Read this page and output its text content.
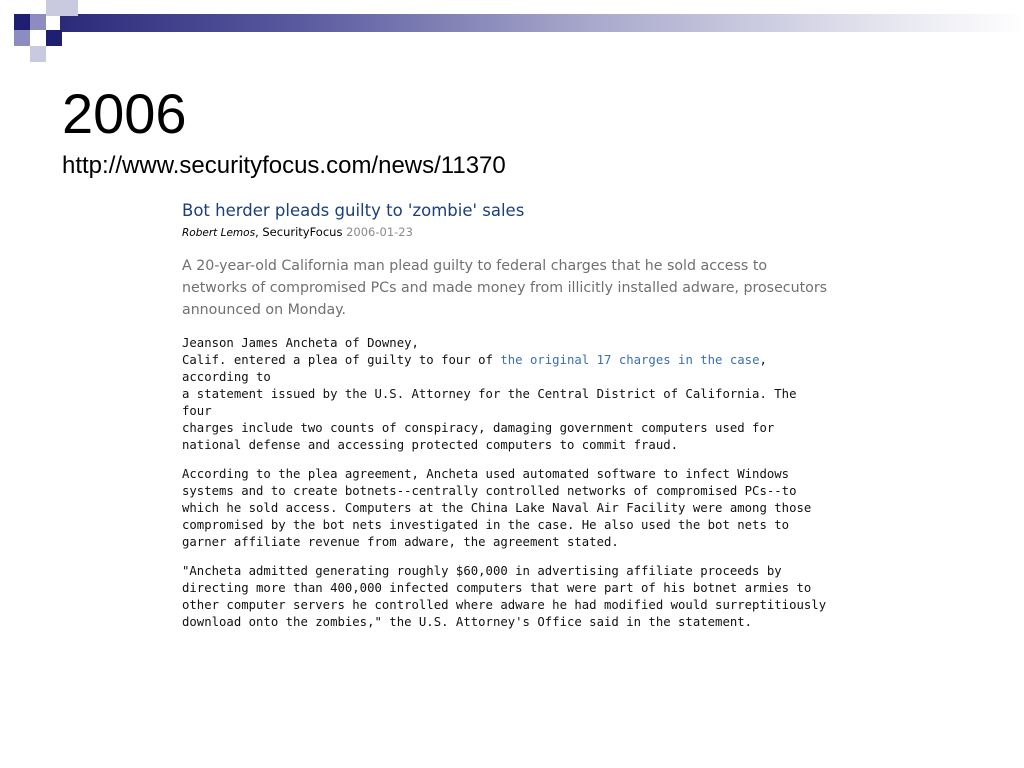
2006
http://www.securityfocus.com/news/11370
Bot herder pleads guilty to 'zombie' sales
Robert Lemos, SecurityFocus 2006-01-23

A 20-year-old California man plead guilty to federal charges that he sold access to networks of compromised PCs and made money from illicitly installed adware, prosecutors announced on Monday.

Jeanson James Ancheta of Downey,
Calif. entered a plea of guilty to four of the original 17 charges in the case, according to
a statement issued by the U.S. Attorney for the Central District of California. The four
charges include two counts of conspiracy, damaging government computers used for
national defense and accessing protected computers to commit fraud.

According to the plea agreement, Ancheta used automated software to infect Windows
systems and to create botnets--centrally controlled networks of compromised PCs--to
which he sold access. Computers at the China Lake Naval Air Facility were among those
compromised by the bot nets investigated in the case. He also used the bot nets to
garner affiliate revenue from adware, the agreement stated.

"Ancheta admitted generating roughly $60,000 in advertising affiliate proceeds by
directing more than 400,000 infected computers that were part of his botnet armies to
other computer servers he controlled where adware he had modified would surreptitiously
download onto the zombies," the U.S. Attorney's Office said in the statement.
